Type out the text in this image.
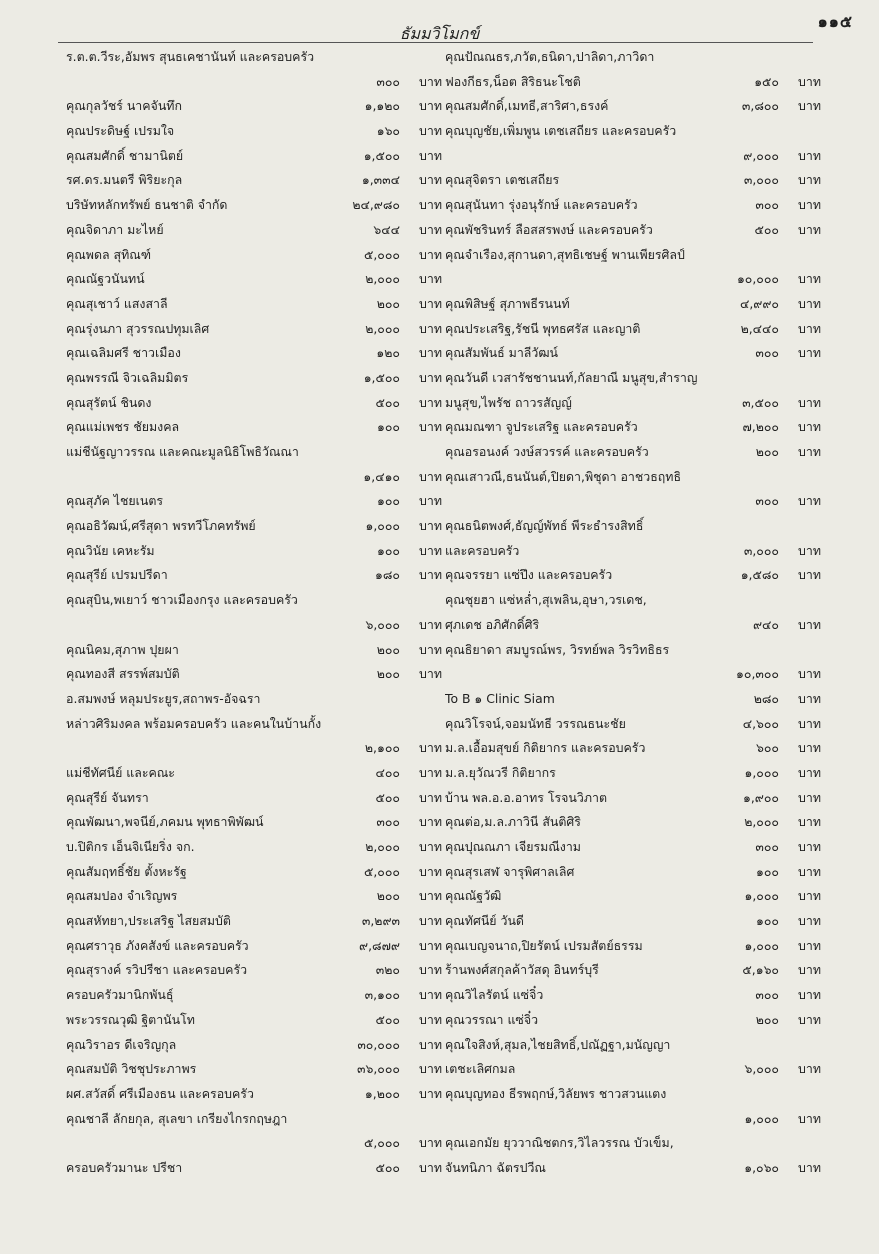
๑๑๕
ธัมมวิโมกข์
ร.ต.ต.วีระ,อัมพร สุนธเคชานันท์ และครอบครัว
๓๐๐	บาท
คุณกุลวัชร์ นาคจันทึก	๑,๑๒๐	บาท
คุณประดิษฐ์ เปรมใจ	๑๖๐	บาท
คุณสมศักดิ์ ชามานิตย์	๑,๕๐๐	บาท
รศ.ดร.มนตรี พิริยะกุล	๑,๓๓๔	บาท
บริษัทหลักทรัพย์ ธนชาติ จำกัด	๒๔,๙๘๐	บาท
คุณจิดาภา มะไหย์	๖๔๔	บาท
คุณพดล สุทิณฑ์	๕,๐๐๐	บาท
คุณณัฐวนันทน์	๒,๐๐๐	บาท
คุณสุเชาว์ แสงสาลี	๒๐๐	บาท
คุณรุ่งนภา สุวรรณปทุมเลิศ	๒,๐๐๐	บาท
คุณเฉลิมศรี ชาวเมือง	๑๒๐	บาท
คุณพรรณี จิวเฉลิมมิตร	๑,๕๐๐	บาท
คุณสุรัตน์ ชินดง	๕๐๐	บาท
คุณแม่เพชร ชัยมงคล	๑๐๐	บาท
แม่ชีนัฐญาวรรณ และคณะมูลนิธิโพธิวัณณา
๑,๔๑๐	บาท
คุณสุภัค ไชยเนตร	๑๐๐	บาท
คุณอธิวัฒน์,ศรีสุดา พรทวีโภคทรัพย์	๑,๐๐๐	บาท
คุณวินัย เคหะรัม	๑๐๐	บาท
คุณสุรีย์ เปรมปรีดา	๑๘๐	บาท
คุณสุบิน,พเยาว์ ชาวเมืองกรุง และครอบครัว
๖,๐๐๐	บาท
คุณนิคม,สุภาพ ปุยผา	๒๐๐	บาท
คุณทองสี สรรพ์สมบัติ	๒๐๐	บาท
อ.สมพงษ์ หลุมประยูร,สถาพร-อัจฉรา
หล่าวศิริมงคล พร้อมครอบครัว และคนในบ้านกั้ง
๒,๑๐๐	บาท
แม่ชีทัศนีย์ และคณะ	๔๐๐	บาท
คุณสุรีย์ จันทรา	๕๐๐	บาท
คุณพัฒนา,พจนีย์,ภคมน พุทธาพิพัฒน์	๓๐๐	บาท
บ.ปิติกร เอ็นจิเนียริ่ง จก.	๒,๐๐๐	บาท
คุณสัมฤทธิ์ชัย ตั้งหะรัฐ	๕,๐๐๐	บาท
คุณสมปอง จำเริญพร	๒๐๐	บาท
คุณสหัทยา,ประเสริฐ ไสยสมบัติ	๓,๒๙๓	บาท
คุณศราวุธ ภังคสังข์ และครอบครัว	๙,๘๗๙	บาท
คุณสุรางค์ รวิปรีชา และครอบครัว	๓๒๐	บาท
ครอบครัวมานิกพันธุ์	๓,๑๐๐	บาท
พระวรรณวุฒิ ฐิตานันโท	๕๐๐	บาท
คุณวิราอร ดีเจริญกุล	๓๐,๐๐๐	บาท
คุณสมบัติ วิชชุประภาพร	๓๖,๐๐๐	บาท
ผศ.สวัสดิ์ ศรีเมืองธน และครอบครัว	๑,๒๐๐	บาท
คุณชาลี ลักยกุล, สุเลขา เกรียงไกรกฤษฎา
๕,๐๐๐	บาท
ครอบครัวมานะ ปรีชา	๕๐๐	บาท
คุณปัณณธร,ภวัต,ธนิดา,ปาลิดา,ภาวิดา
ฟองกีธร,น็อต สิริธนะโชติ	๑๕๐	บาท
คุณสมศักดิ์,เมทธี,สาริศา,ธรงค์	๓,๘๐๐	บาท
คุณบุญชัย,เพิ่มพูน เตชเสถียร และครอบครัว
๙,๐๐๐	บาท
คุณสุจิตรา เตชเสถียร	๓,๐๐๐	บาท
คุณสุนันทา รุ่งอนุรักษ์ และครอบครัว	๓๐๐	บาท
คุณพัชรินทร์ ลือสสรพงษ์ และครอบครัว	๕๐๐	บาท
คุณจำเรือง,สุกานดา,สุทธิเชษฐ์ พานเพียรศิลป์
๑๐,๐๐๐	บาท
คุณพิสิษฐ์ สุภาพธีรนนท์	๔,๙๙๐	บาท
คุณประเสริฐ,รัชนี พุทธศรัส และญาติ	๒,๔๔๐	บาท
คุณสัมพันธ์ มาลีวัฒน์	๓๐๐	บาท
คุณวันดี เวสารัชชานนท์,กัลยาณี มนูสุข,สำราญ
มนูสุข,ไพรัช ถาวรสัญญ์	๓,๕๐๐	บาท
คุณมณฑา จูประเสริฐ และครอบครัว	๗,๒๐๐	บาท
คุณอรอนงค์ วงษ์สวรรค์ และครอบครัว	๒๐๐	บาท
คุณเสาวณี,ธนนันต์,ปิยดา,พิชุดา อาชวธฤทธิ
๓๐๐	บาท
คุณธนิตพงศ์,ธัญญ์พัทธ์ พีระธำรงสิทธิ์
และครอบครัว	๓,๐๐๐	บาท
คุณจรรยา แซ่ปึง และครอบครัว	๑,๕๘๐	บาท
คุณชุยฮา แซ่หล่ำ,สุเพลิน,อุษา,วรเดช,
ศุภเดช อภิศักดิ์ศิริ	๙๔๐	บาท
คุณธิยาดา สมบูรณ์พร, วิรทย์พล วิรวิทธิธร
๑๐,๓๐๐	บาท
To B ๑ Clinic Siam	๒๘๐	บาท
คุณวิโรจน์,จอมนัทธี วรรณธนะชัย	๔,๖๐๐	บาท
ม.ล.เอื้อมสุขย์ กิติยากร และครอบครัว	๖๐๐	บาท
ม.ล.ยุวัณวรี กิติยากร	๑,๐๐๐	บาท
บ้าน พล.อ.อ.อาทร โรจนวิภาต	๑,๙๐๐	บาท
คุณต่อ,ม.ล.ภาวินี สันติศิริ	๒,๐๐๐	บาท
คุณปุณณภา เจียรมณีงาม	๓๐๐	บาท
คุณสุรเสฬ จารุพิศาลเลิศ	๑๐๐	บาท
คุณณัฐวัฒิ	๑,๐๐๐	บาท
คุณทัศนีย์ วันดี	๑๐๐	บาท
คุณเบญจนาถ,ปิยรัตน์ เปรมสัตย์ธรรม	๑,๐๐๐	บาท
ร้านพงศ์สกุลค้าวัสดุ อินทร์บุรี	๕,๑๖๐	บาท
คุณวิไลรัตน์ แซ่จิ๋ว	๓๐๐	บาท
คุณวรรณา แซ่จิ๋ว	๒๐๐	บาท
คุณใจสิงห์,สุมล,ไชยสิทธิ์,ปณัฏฐา,มนัญญา
เตชะเลิศกมล	๖,๐๐๐	บาท
คุณบุญทอง ธีรพฤกษ์,วิลัยพร ชาวสวนแตง
๑,๐๐๐	บาท
คุณเอกมัย ยุววาณิชตกร,วิไลวรรณ บัวเข็ม,
จันทนิภา ฉัตรปวีณ	๑,๐๖๐	บาท
